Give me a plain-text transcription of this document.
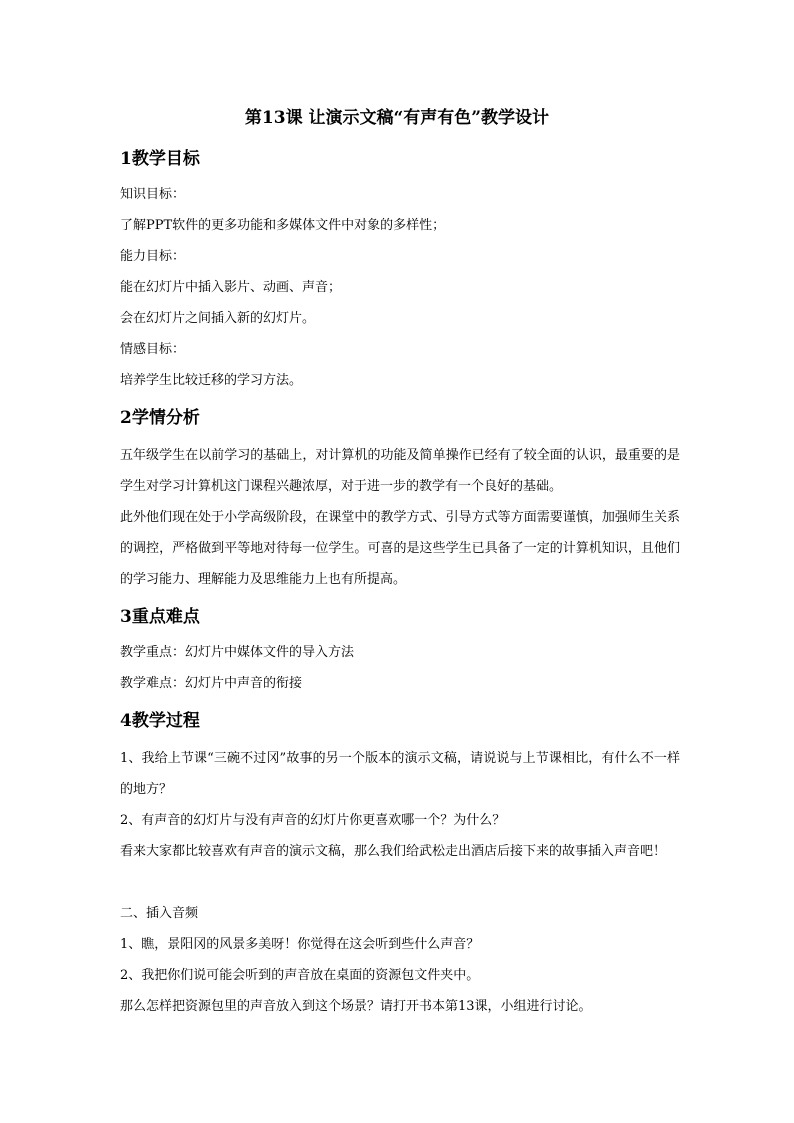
第13课 让演示文稿“有声有色”教学设计
1教学目标
知识目标：
了解PPT软件的更多功能和多媒体文件中对象的多样性；
能力目标：
能在幻灯片中插入影片、动画、声音；
会在幻灯片之间插入新的幻灯片。
情感目标：
培养学生比较迁移的学习方法。
2学情分析
五年级学生在以前学习的基础上，对计算机的功能及简单操作已经有了较全面的认识，最重要的是学生对学习计算机这门课程兴趣浓厚，对于进一步的教学有一个良好的基础。
此外他们现在处于小学高级阶段，在课堂中的教学方式、引导方式等方面需要谨慎，加强师生关系的调控，严格做到平等地对待每一位学生。可喜的是这些学生已具备了一定的计算机知识，且他们的学习能力、理解能力及思维能力上也有所提高。
3重点难点
教学重点：幻灯片中媒体文件的导入方法
教学难点：幻灯片中声音的衔接
4教学过程
1、我给上节课“三碗不过冈”故事的另一个版本的演示文稿，请说说与上节课相比，有什么不一样的地方？
2、有声音的幻灯片与没有声音的幻灯片你更喜欢哪一个？为什么？
看来大家都比较喜欢有声音的演示文稿，那么我们给武松走出酒店后接下来的故事插入声音吧！
二、插入音频
1、瞧，景阳冈的风景多美呀！你觉得在这会听到些什么声音？
2、我把你们说可能会听到的声音放在桌面的资源包文件夹中。
那么怎样把资源包里的声音放入到这个场景？请打开书本第13课，小组进行讨论。
